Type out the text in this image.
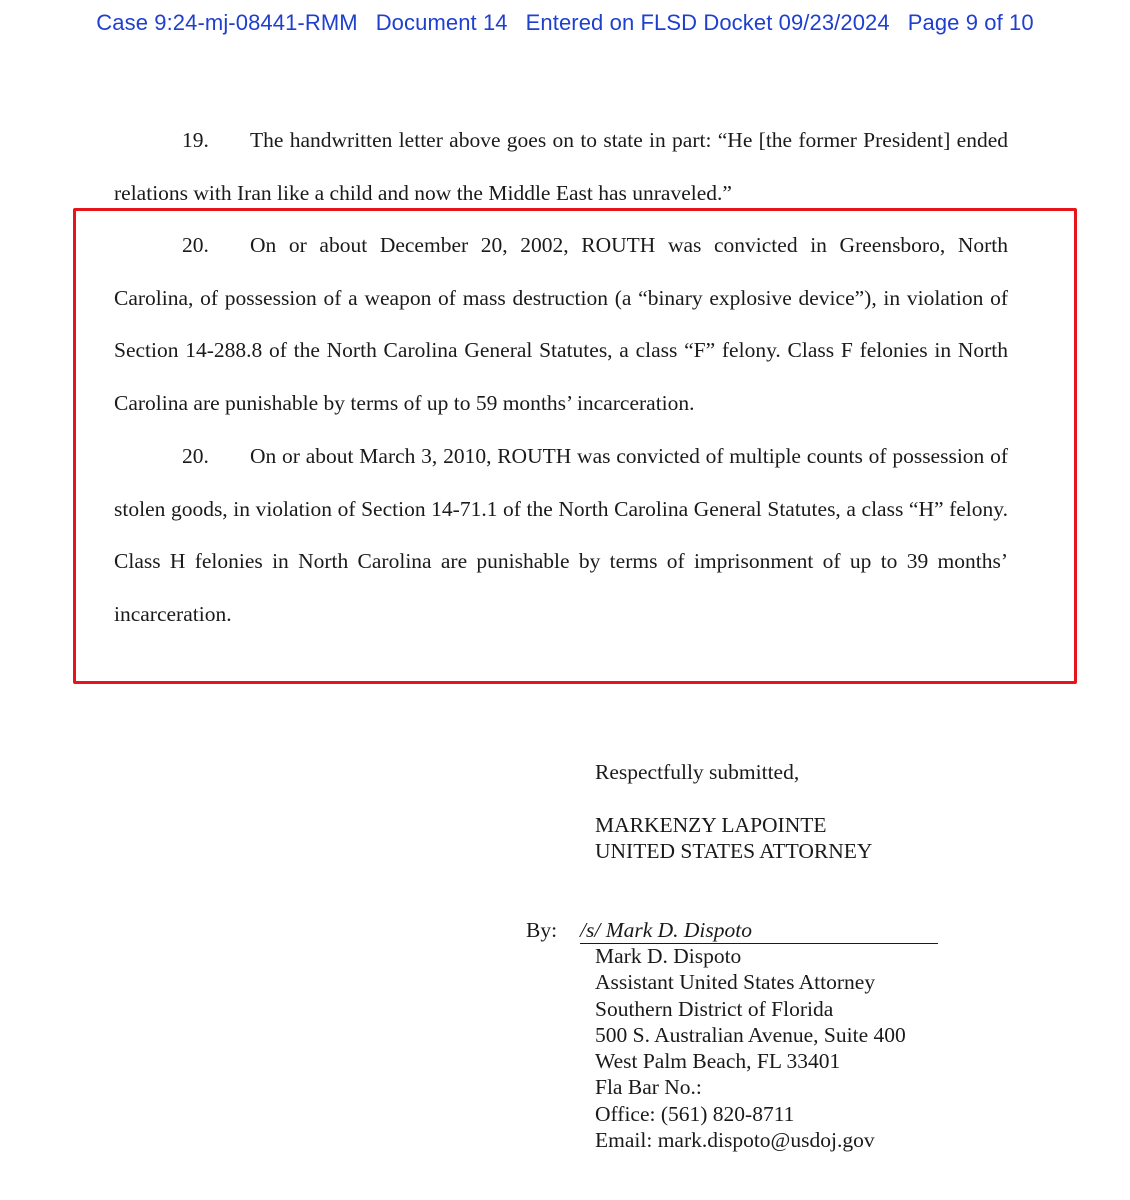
Case 9:24-mj-08441-RMM Document 14 Entered on FLSD Docket 09/23/2024 Page 9 of 10
19. The handwritten letter above goes on to state in part: “He [the former President] ended relations with Iran like a child and now the Middle East has unraveled.”
20. On or about December 20, 2002, ROUTH was convicted in Greensboro, North Carolina, of possession of a weapon of mass destruction (a “binary explosive device”), in violation of Section 14-288.8 of the North Carolina General Statutes, a class “F” felony. Class F felonies in North Carolina are punishable by terms of up to 59 months’ incarceration.
20. On or about March 3, 2010, ROUTH was convicted of multiple counts of possession of stolen goods, in violation of Section 14-71.1 of the North Carolina General Statutes, a class “H” felony. Class H felonies in North Carolina are punishable by terms of imprisonment of up to 39 months’ incarceration.
Respectfully submitted,
MARKENZY LAPOINTE
UNITED STATES ATTORNEY
By: /s/ Mark D. Dispoto
Mark D. Dispoto
Assistant United States Attorney
Southern District of Florida
500 S. Australian Avenue, Suite 400
West Palm Beach, FL 33401
Fla Bar No.:
Office: (561) 820-8711
Email: mark.dispoto@usdoj.gov
